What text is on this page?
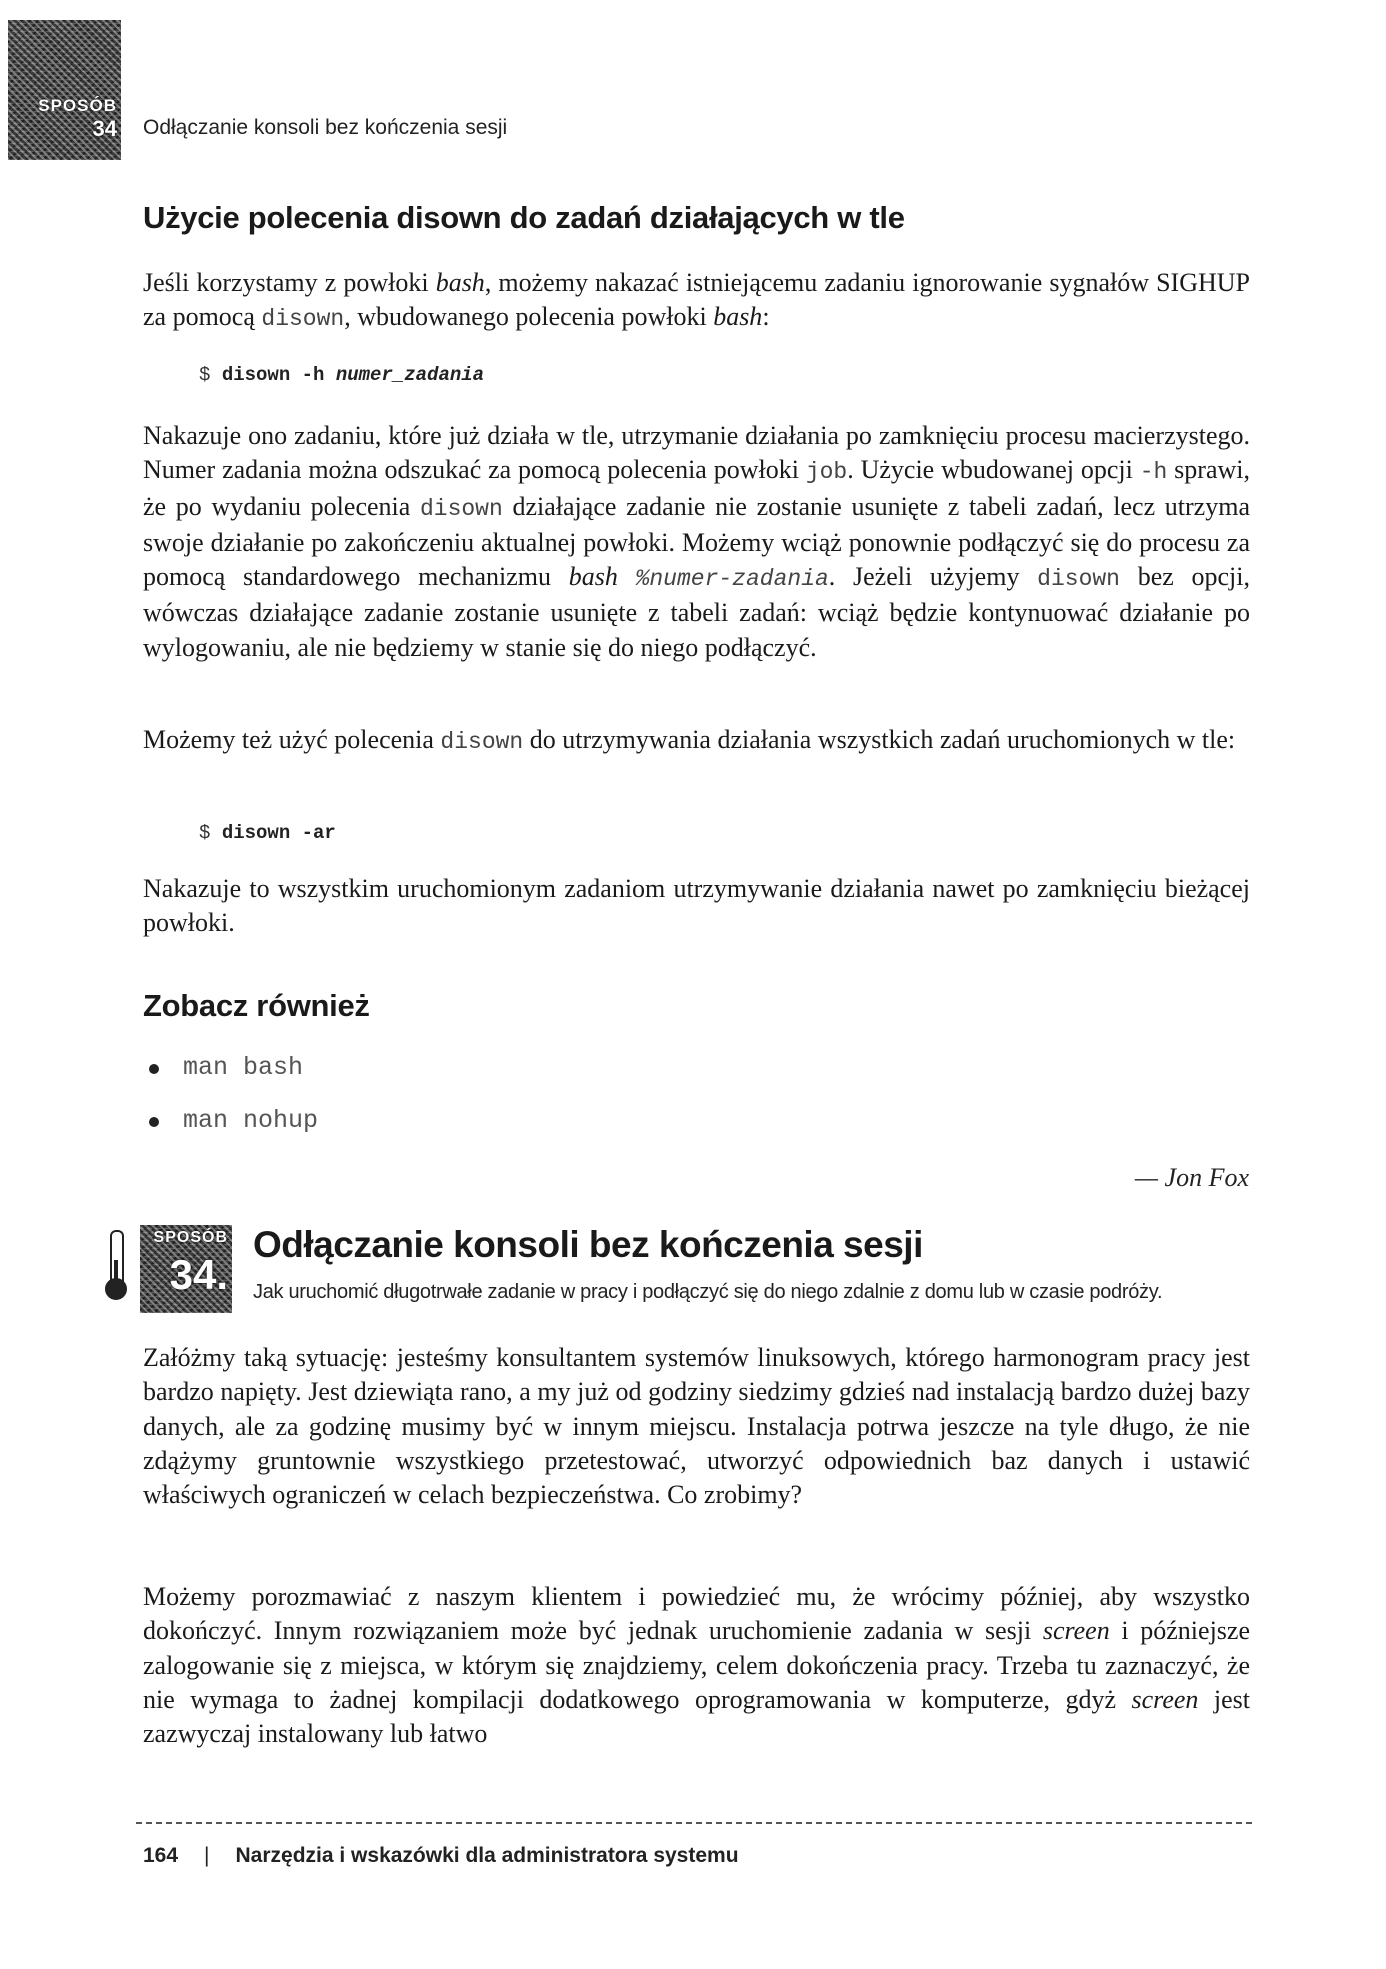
SPOSÓB
34 Odłączanie konsoli bez kończenia sesji
Użycie polecenia disown do zadań działających w tle

Jeśli korzystamy z powłoki bash, możemy nakazać istniejącemu zadaniu ignorowanie sygnałów SIGHUP za pomocą disown, wbudowanego polecenia powłoki bash:

$ disown -h numer_zadania

Nakazuje ono zadaniu, które już działa w tle, utrzymanie działania po zamknięciu procesu macierzystego. Numer zadania można odszukać za pomocą polecenia powłoki job. Użycie wbudowanej opcji -h sprawi, że po wydaniu polecenia disown działające zadanie nie zostanie usunięte z tabeli zadań, lecz utrzyma swoje działanie po zakończeniu aktualnej powłoki. Możemy wciąż ponownie podłączyć się do procesu za pomocą standardowego mechanizmu bash %numer-zadania. Jeżeli użyjemy disown bez opcji, wówczas działające zadanie zostanie usunięte z tabeli zadań: wciąż będzie kontynuować działanie po wylogowaniu, ale nie będziemy w stanie się do niego podłączyć.

Możemy też użyć polecenia disown do utrzymywania działania wszystkich zadań uruchomionych w tle:

$ disown -ar

Nakazuje to wszystkim uruchomionym zadaniom utrzymywanie działania nawet po zamknięciu bieżącej powłoki.

Zobacz również
man bash
man nohup
— Jon Fox
SPOSÓB
34.
Odłączanie konsoli bez kończenia sesji

Jak uruchomić długotrwałe zadanie w pracy i podłączyć się do niego zdalnie z domu lub w czasie podróży.

Załóżmy taką sytuację: jesteśmy konsultantem systemów linuksowych, którego harmonogram pracy jest bardzo napięty. Jest dziewiąta rano, a my już od godziny siedzimy gdzieś nad instalacją bardzo dużej bazy danych, ale za godzinę musimy być w innym miejscu. Instalacja potrwa jeszcze na tyle długo, że nie zdążymy gruntownie wszystkiego przetestować, utworzyć odpowiednich baz danych i ustawić właściwych ograniczeń w celach bezpieczeństwa. Co zrobimy?

Możemy porozmawiać z naszym klientem i powiedzieć mu, że wrócimy później, aby wszystko dokończyć. Innym rozwiązaniem może być jednak uruchomienie zadania w sesji screen i późniejsze zalogowanie się z miejsca, w którym się znajdziemy, celem dokończenia pracy. Trzeba tu zaznaczyć, że nie wymaga to żadnej kompilacji dodatkowego oprogramowania w komputerze, gdyż screen jest zazwyczaj instalowany lub łatwo

164 | Narzędzia i wskazówki dla administratora systemu
